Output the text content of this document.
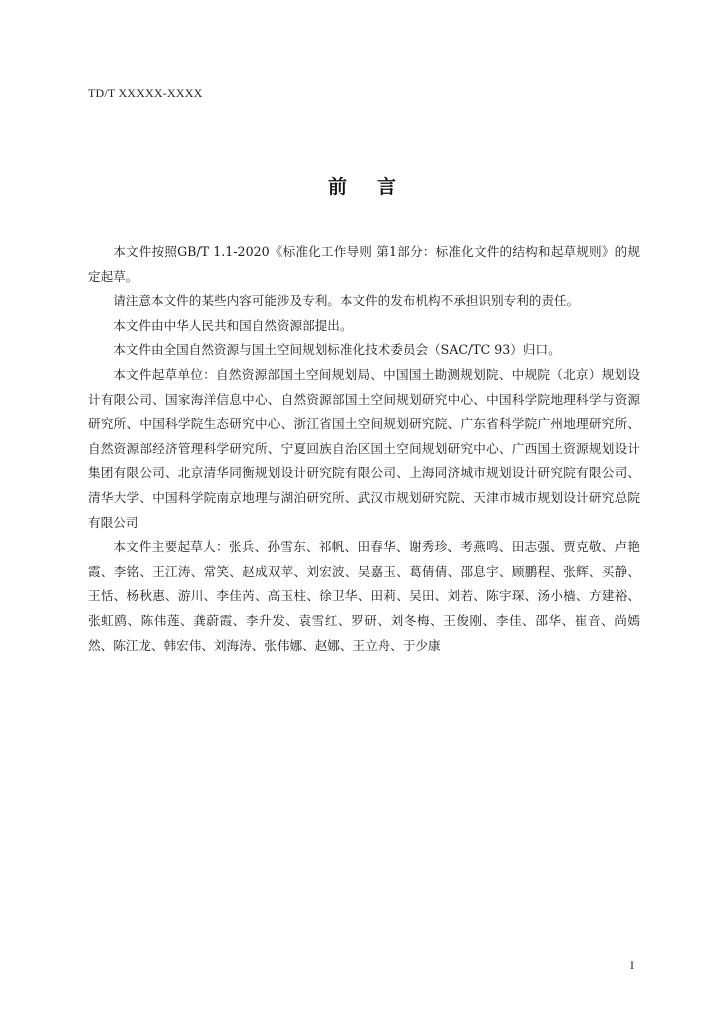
TD/T XXXXX-XXXX
前言

本文件按照GB/T 1.1-2020《标准化工作导则 第1部分：标准化文件的结构和起草规则》的规定起草。

请注意本文件的某些内容可能涉及专利。本文件的发布机构不承担识别专利的责任。

本文件由中华人民共和国自然资源部提出。

本文件由全国自然资源与国土空间规划标准化技术委员会（SAC/TC 93）归口。

本文件起草单位：自然资源部国土空间规划局、中国国土勘测规划院、中规院（北京）规划设计有限公司、国家海洋信息中心、自然资源部国土空间规划研究中心、中国科学院地理科学与资源研究所、中国科学院生态研究中心、浙江省国土空间规划研究院、广东省科学院广州地理研究所、自然资源部经济管理科学研究所、宁夏回族自治区国土空间规划研究中心、广西国土资源规划设计集团有限公司、北京清华同衡规划设计研究院有限公司、上海同济城市规划设计研究院有限公司、清华大学、中国科学院南京地理与湖泊研究所、武汉市规划研究院、天津市城市规划设计研究总院有限公司

本文件主要起草人：张兵、孙雪东、祁帆、田春华、谢秀珍、考燕鸣、田志强、贾克敬、卢艳霞、李铭、王江涛、常笑、赵成双苹、刘宏波、吴嘉玉、葛倩倩、邵息宇、顾鹏程、张辉、买静、王恬、杨秋惠、游川、李佳芮、高玉柱、徐卫华、田莉、吴田、刘若、陈宇琛、汤小樯、方建裕、张虹鸥、陈伟莲、龚蔚霞、李升发、袁雪红、罗研、刘冬梅、王俊刚、李佳、邵华、崔音、尚嫣然、陈江龙、韩宏伟、刘海涛、张伟娜、赵娜、王立舟、于少康

I
